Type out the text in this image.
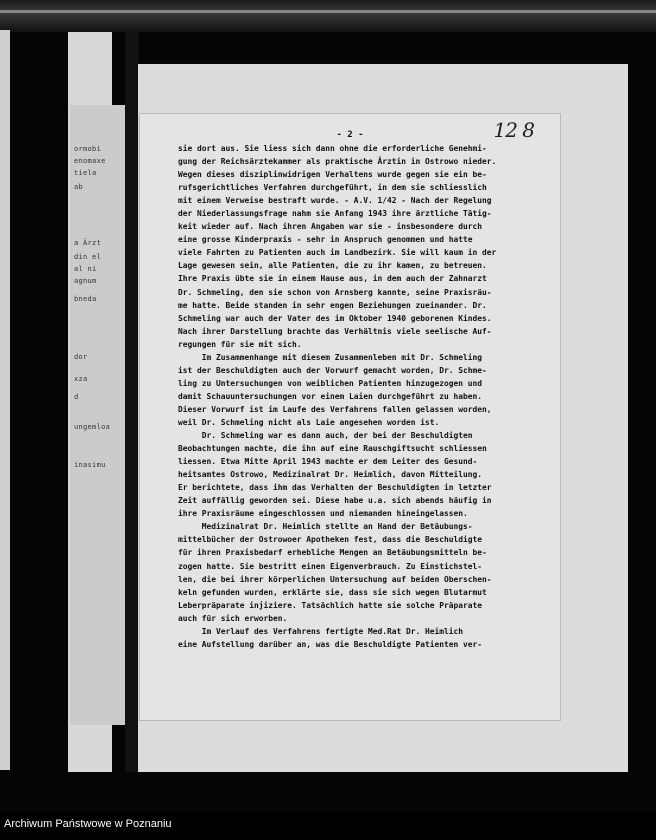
ormobi
enomaxe
tiela
ab
a Ärzt
din el
al ni
agnum
bneda
dor
xza
d
ungemloa
inasimu
- 2 -	12 8
sie dort aus. Sie liess sich dann ohne die erforderliche Genehmi-
gung der Reichsärztekammer als praktische Ärztin in Ostrowo nieder.
Wegen dieses disziplinwidrigen Verhaltens wurde gegen sie ein be-
rufsgerichtliches Verfahren durchgeführt, in dem sie schliesslich
mit einem Verweise bestraft wurde. - A.V. 1/42 - Nach der Regelung
der Niederlassungsfrage nahm sie Anfang 1943 ihre ärztliche Tätig-
keit wieder auf. Nach ihren Angaben war sie - insbesondere durch
eine grosse Kinderpraxis - sehr in Anspruch genommen und hatte
viele Fahrten zu Patienten auch im Landbezirk. Sie will kaum in der
Lage gewesen sein, alle Patienten, die zu ihr kamen, zu betreuen.
Ihre Praxis übte sie in einem Hause aus, in dem auch der Zahnarzt
Dr. Schmeling, den sie schon von Arnsberg kannte, seine Praxisräu-
me hatte. Beide standen in sehr engen Beziehungen zueinander. Dr.
Schmeling war auch der Vater des im Oktober 1940 geborenen Kindes.
Nach ihrer Darstellung brachte das Verhältnis viele seelische Auf-
regungen für sie mit sich.
Im Zusammenhange mit diesem Zusammenleben mit Dr. Schmeling
ist der Beschuldigten auch der Vorwurf gemacht worden, Dr. Schme-
ling zu Untersuchungen von weiblichen Patienten hinzugezogen und
damit Schauuntersuchungen vor einem Laien durchgeführt zu haben.
Dieser Vorwurf ist im Laufe des Verfahrens fallen gelassen worden,
weil Dr. Schmeling nicht als Laie angesehen worden ist.
Dr. Schmeling war es dann auch, der bei der Beschuldigten
Beobachtungen machte, die ihn auf eine Rauschgiftsucht schliessen
liessen. Etwa Mitte April 1943 machte er dem Leiter des Gesund-
heitsamtes Ostrowo, Medizinalrat Dr. Heimlich, davon Mitteilung.
Er berichtete, dass ihm das Verhalten der Beschuldigten in letzter
Zeit auffällig geworden sei. Diese habe u.a. sich abends häufig in
ihre Praxisräume eingeschlossen und niemanden hineingelassen.
Medizinalrat Dr. Heimlich stellte an Hand der Betäubungs-
mittelbücher der Ostrowoer Apotheken fest, dass die Beschuldigte
für ihren Praxisbedarf erhebliche Mengen an Betäubungsmitteln be-
zogen hatte. Sie bestritt einen Eigenverbrauch. Zu Einstichstel-
len, die bei ihrer körperlichen Untersuchung auf beiden Oberschen-
keln gefunden wurden, erklärte sie, dass sie sich wegen Blutarmut
Leberpräparate injiziere. Tatsächlich hatte sie solche Präparate
auch für sich erworben.
Im Verlauf des Verfahrens fertigte Med.Rat Dr. Heimlich
eine Aufstellung darüber an, was die Beschuldigte Patienten ver-
Archiwum Państwowe w Poznaniu
